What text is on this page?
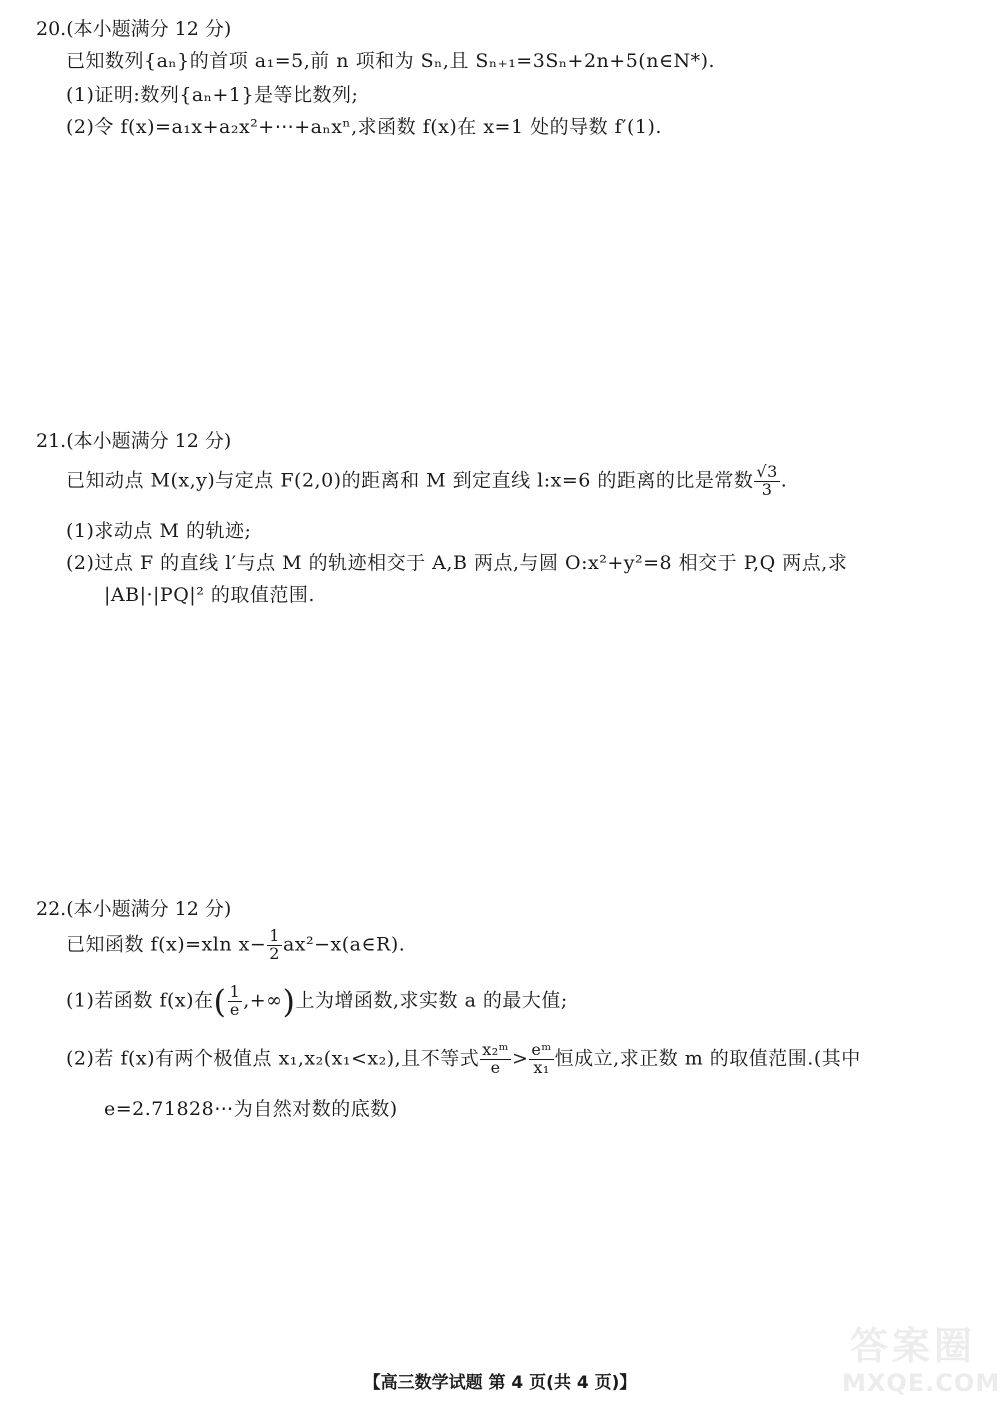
20.(本小题满分 12 分)
已知数列{aₙ}的首项 a₁=5,前 n 项和为 Sₙ,且 Sₙ₊₁=3Sₙ+2n+5(n∈N*).
(1)证明:数列{aₙ+1}是等比数列;
(2)令 f(x)=a₁x+a₂x²+⋯+aₙxⁿ,求函数 f(x)在 x=1 处的导数 f′(1).
21.(本小题满分 12 分)
已知动点 M(x,y)与定点 F(2,0)的距离和 M 到定直线 l:x=6 的距离的比是常数 $\frac{√3}{3}$ .
(1)求动点 M 的轨迹;
(2)过点 F 的直线 l′与点 M 的轨迹相交于 A,B 两点,与圆 O:x²+y²=8 相交于 P,Q 两点,求
|AB|·|PQ|² 的取值范围.
22.(本小题满分 12 分)
已知函数 f(x)=xln $x- \frac{1}{2}$ ax²−x(a∈R).
(1)若函数 f(x)在( $\frac{1}{e}$ ,+∞)上为增函数,求实数 a 的最大值;
(2)若 f(x)有两个极值点 x₁,x₂(x₁<x₂),且不等式 $\frac{\text{x₂ᵐ}}{e} > \frac{\text{eᵐ}}{\text{x₁}}$ 恒成立,求正数 m 的取值范围.(其中
e=2.71828⋯为自然对数的底数)
【高三数学试题 第 4 页(共 4 页)】
答案圈
MXQE.COM
